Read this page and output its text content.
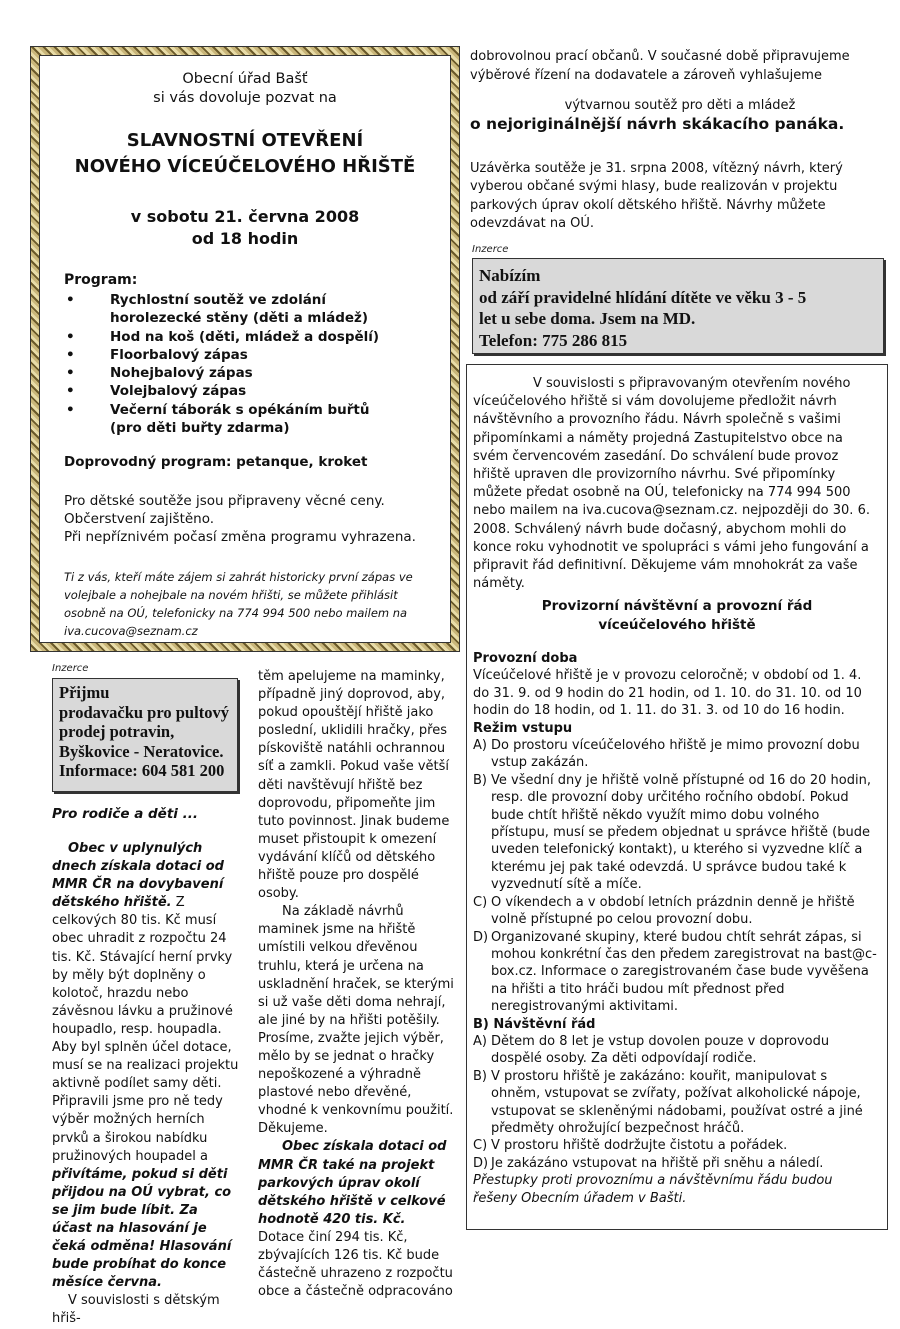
Obecní úřad Bašť

si vás dovoluje pozvat na

SLAVNOSTNÍ OTEVŘENÍ

NOVÉHO VÍCEÚČELOVÉHO HŘIŠTĚ

v sobotu 21. června 2008

od 18 hodin

Program:
• Rychlostní soutěž ve zdolání horolezecké stěny (děti a mládež)
• Hod na koš (děti, mládež a dospělí)
• Floorbalový zápas
• Nohejbalový zápas
• Volejbalový zápas
• Večerní táborák s opékáním buřtů (pro děti buřty zdarma)
Doprovodný program: petanque, kroket

Pro dětské soutěže jsou připraveny věcné ceny.

Občerstvení zajištěno.

Při nepříznivém počasí změna programu vyhrazena.

Ti z vás, kteří máte zájem si zahrát historicky první zápas ve volejbale a nohejbale na novém hřišti, se můžete přihlásit osobně na OÚ, telefonicky na 774 994 500 nebo mailem na iva.cucova@seznam.cz
Inzerce

Přijmu

prodavačku pro pultový

prodej potravin,

Byškovice - Neratovice.

Informace: 604 581 200

Pro rodiče a děti ...

Obec v uplynulých dnech získala dotaci od MMR ČR na dovybavení dětského hřiště. Z celkových 80 tis. Kč musí obec uhradit z rozpočtu 24 tis. Kč. Stávající herní prvky by měly být doplněny o kolotoč, hrazdu nebo závěsnou lávku a pružinové houpadlo, resp. houpadla. Aby byl splněn účel dotace, musí se na realizaci projektu aktivně podílet samy děti. Připravili jsme pro ně tedy výběr možných herních prvků a širokou nabídku pružinových houpadel a přivítáme, pokud si děti přijdou na OÚ vybrat, co se jim bude líbit. Za účast na hlasování je čeká odměna! Hlasování bude probíhat do konce měsíce června.

V souvislosti s dětským hřiš-

těm apelujeme na maminky, případně jiný doprovod, aby, pokud opouštějí hřiště jako poslední, uklidili hračky, přes pískoviště natáhli ochrannou síť a zamkli. Pokud vaše větší děti navštěvují hřiště bez doprovodu, připomeňte jim tuto povinnost. Jinak budeme muset přistoupit k omezení vydávání klíčů od dětského hřiště pouze pro dospělé osoby.

Na základě návrhů maminek jsme na hřiště umístili velkou dřevěnou truhlu, která je určena na uskladnění hraček, se kterými si už vaše děti doma nehrají, ale jiné by na hřišti potěšily. Prosíme, zvažte jejich výběr, mělo by se jednat o hračky nepoškozené a výhradně plastové nebo dřevěné, vhodné k venkovnímu použití. Děkujeme.

Obec získala dotaci od MMR ČR také na projekt parkových úprav okolí dětského hřiště v celkové hodnotě 420 tis. Kč. Dotace činí 294 tis. Kč, zbývajících 126 tis. Kč bude částečně uhrazeno z rozpočtu obce a částečně odpracováno

dobrovolnou prací občanů. V současné době připravujeme výběrové řízení na dodavatele a zároveň vyhlašujeme

výtvarnou soutěž pro děti a mládež

o nejoriginálnější návrh skákacího panáka.

Uzávěrka soutěže je 31. srpna 2008, vítězný návrh, který vyberou občané svými hlasy, bude realizován v projektu parkových úprav okolí dětského hřiště. Návrhy můžete odevzdávat na OÚ.
Inzerce

Nabízím

od září pravidelné hlídání dítěte ve věku 3 - 5

let u sebe doma. Jsem na MD.

Telefon: 775 286 815

V souvislosti s připravovaným otevřením nového víceúčelového hřiště si vám dovolujeme předložit návrh návštěvního a provozního řádu. Návrh společně s vašimi připomínkami a náměty projedná Zastupitelstvo obce na svém červencovém zasedání. Do schválení bude provoz hřiště upraven dle provizorního návrhu. Své připomínky můžete předat osobně na OÚ, telefonicky na 774 994 500 nebo mailem na iva.cucova@seznam.cz. nejpozději do 30. 6. 2008. Schválený návrh bude dočasný, abychom mohli do konce roku vyhodnotit ve spolupráci s vámi jeho fungování a připravit řád definitivní. Děkujeme vám mnohokrát za vaše náměty.

Provizorní návštěvní a provozní řád

víceúčelového hřiště

Provozní doba

Víceúčelové hřiště je v provozu celoročně; v období od 1. 4. do 31. 9. od 9 hodin do 21 hodin, od 1. 10. do 31. 10. od 10 hodin do 18 hodin, od 1. 11. do 31. 3. od 10 do 16 hodin.

Režim vstupu

A) Do prostoru víceúčelového hřiště je mimo provozní dobu vstup zakázán.
B) Ve všední dny je hřiště volně přístupné od 16 do 20 hodin, resp. dle provozní doby určitého ročního období. Pokud bude chtít hřiště někdo využít mimo dobu volného přístupu, musí se předem objednat u správce hřiště (bude uveden telefonický kontakt), u kterého si vyzvedne klíč a kterému jej pak také odevzdá. U správce budou také k vyzvednutí sítě a míče.
C) O víkendech a v období letních prázdnin denně je hřiště volně přístupné po celou provozní dobu.
D) Organizované skupiny, které budou chtít sehrát zápas, si mohou konkrétní čas den předem zaregistrovat na bast@c-box.cz. Informace o zaregistrovaném čase bude vyvěšena na hřišti a tito hráči budou mít přednost před neregistrovanými aktivitami.

B) Návštěvní řád

A) Dětem do 8 let je vstup dovolen pouze v doprovodu dospělé osoby. Za děti odpovídají rodiče.
B) V prostoru hřiště je zakázáno: kouřit, manipulovat s ohněm, vstupovat se zvířaty, požívat alkoholické nápoje, vstupovat se skleněnými nádobami, používat ostré a jiné předměty ohrožující bezpečnost hráčů.
C) V prostoru hřiště dodržujte čistotu a pořádek.
D) Je zakázáno vstupovat na hřiště při sněhu a náledí.

Přestupky proti provoznímu a návštěvnímu řádu budou řešeny Obecním úřadem v Bašti.
